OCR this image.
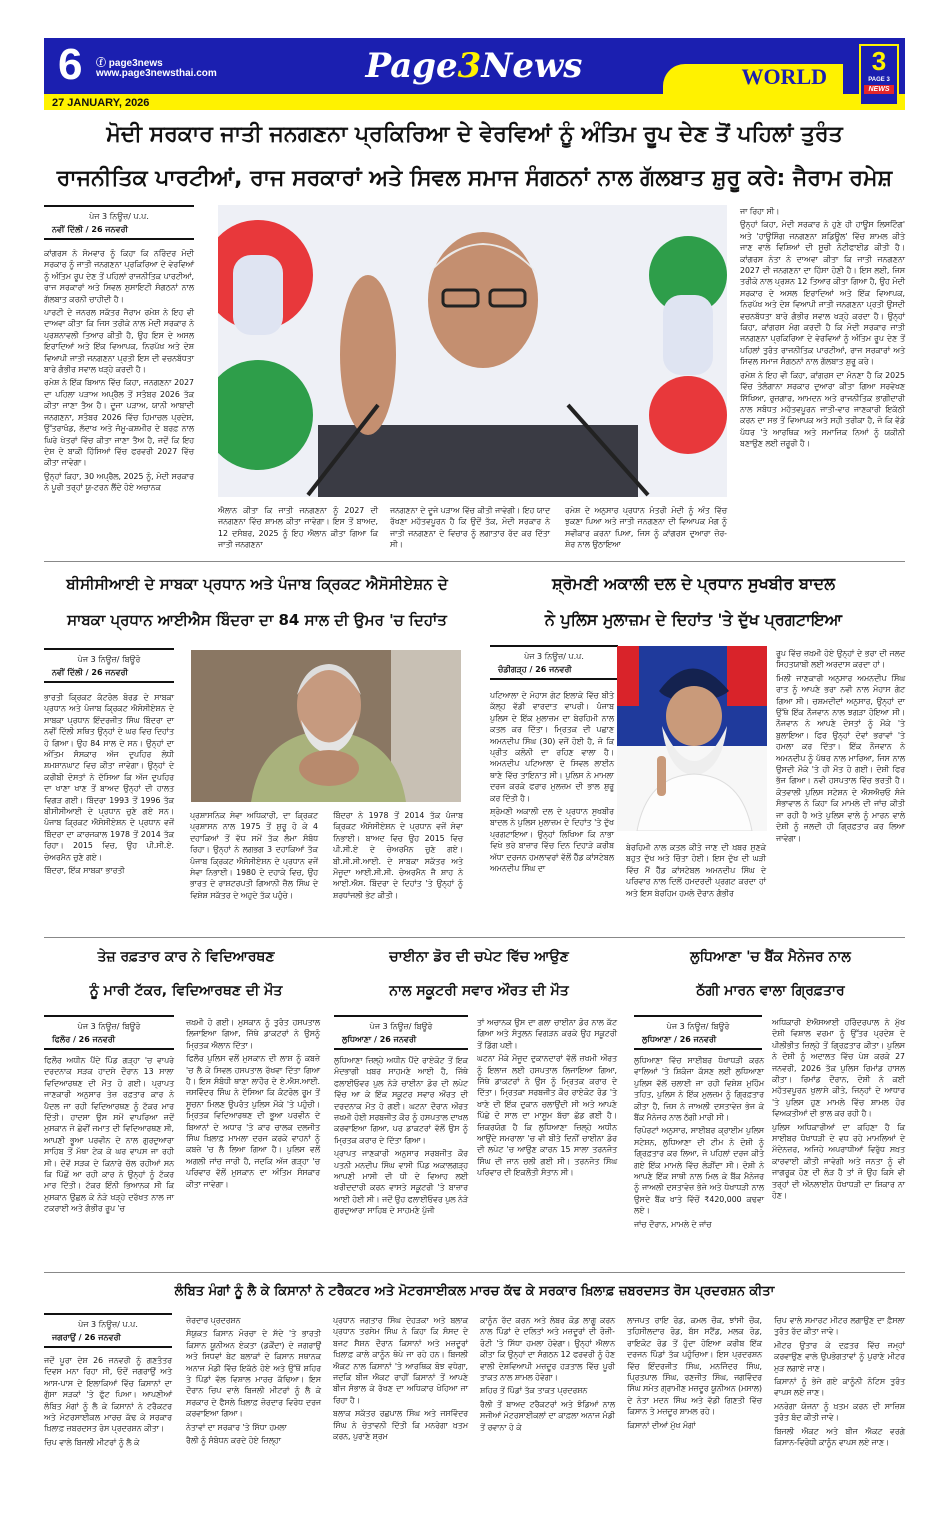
6 ⓕ page3news
www.page3newsthai.com
27 JANUARY, 2026
Page3News	WORLD
3
PAGE 3
NEWS
ਮੋਦੀ ਸਰਕਾਰ ਜਾਤੀ ਜਨਗਣਨਾ ਪ੍ਰਕਿਰਿਆ ਦੇ ਵੇਰਵਿਆਂ ਨੂੰ ਅੰਤਿਮ ਰੂਪ ਦੇਣ ਤੋਂ ਪਹਿਲਾਂ ਤੁਰੰਤ
ਰਾਜਨੀਤਿਕ ਪਾਰਟੀਆਂ, ਰਾਜ ਸਰਕਾਰਾਂ ਅਤੇ ਸਿਵਲ ਸਮਾਜ ਸੰਗਠਨਾਂ ਨਾਲ ਗੱਲਬਾਤ ਸ਼ੁਰੂ ਕਰੇ: ਜੈਰਾਮ ਰਮੇਸ਼
ਪੇਜ 3 ਨਿਊਜ਼/ ਪ.ਪ.
ਨਵੀਂ ਦਿੱਲੀ / 26 ਜਨਵਰੀ

ਕਾਂਗਰਸ ਨੇ ਸੋਮਵਾਰ ਨੂੰ ਕਿਹਾ ਕਿ ਨਰਿੰਦਰ ਮੋਦੀ ਸਰਕਾਰ ਨੂੰ ਜਾਤੀ ਜਨਗਣਨਾ ਪ੍ਰਕਿਰਿਆ ਦੇ ਵੇਰਵਿਆਂ ਨੂੰ ਅੰਤਿਮ ਰੂਪ ਦੇਣ ਤੋਂ ਪਹਿਲਾਂ ਰਾਜਨੀਤਿਕ ਪਾਰਟੀਆਂ, ਰਾਜ ਸਰਕਾਰਾਂ ਅਤੇ ਸਿਵਲ ਸੁਸਾਇਟੀ ਸੰਗਠਨਾਂ ਨਾਲ ਗੱਲਬਾਤ ਕਰਨੀ ਚਾਹੀਦੀ ਹੈ।

ਪਾਰਟੀ ਦੇ ਜਨਰਲ ਸਕੱਤਰ ਜੈਰਾਮ ਰਮੇਸ਼ ਨੇ ਇਹ ਵੀ ਦਾਅਵਾ ਕੀਤਾ ਕਿ ਜਿਸ ਤਰੀਕੇ ਨਾਲ ਮੋਦੀ ਸਰਕਾਰ ਨੇ ਪ੍ਰਸ਼ਨਾਵਲੀ ਤਿਆਰ ਕੀਤੀ ਹੈ, ਉਹ ਇਸ ਦੇ ਅਸਲ ਇਰਾਦਿਆਂ ਅਤੇ ਇੱਕ ਵਿਆਪਕ, ਨਿਰਪੱਖ ਅਤੇ ਦੇਸ਼ ਵਿਆਪੀ ਜਾਤੀ ਜਨਗਣਨਾ ਪ੍ਰਤੀ ਇਸ ਦੀ ਵਚਨਬੱਧਤਾ ਬਾਰੇ ਗੰਭੀਰ ਸਵਾਲ ਖੜ੍ਹੇ ਕਰਦੀ ਹੈ।

ਰਮੇਸ਼ ਨੇ ਇੱਕ ਬਿਆਨ ਵਿੱਚ ਕਿਹਾ, ਜਨਗਣਨਾ 2027 ਦਾ ਪਹਿਲਾ ਪੜਾਅ ਅਪ੍ਰੈਲ ਤੋਂ ਸਤੰਬਰ 2026 ਤੱਕ ਕੀਤਾ ਜਾਣਾ ਤੈਅ ਹੈ। ਦੂਜਾ ਪੜਾਅ, ਯਾਨੀ ਆਬਾਦੀ ਜਨਗਣਨਾ, ਸਤੰਬਰ 2026 ਵਿੱਚ ਹਿਮਾਚਲ ਪ੍ਰਦੇਸ਼, ਉੱਤਰਾਖੰਡ, ਲੱਦਾਖ ਅਤੇ ਜੰਮੂ-ਕਸ਼ਮੀਰ ਦੇ ਬਰਫ਼ ਨਾਲ ਘਿਰੇ ਖੇਤਰਾਂ ਵਿੱਚ ਕੀਤਾ ਜਾਣਾ ਤੈਅ ਹੈ, ਜਦੋਂ ਕਿ ਇਹ ਦੇਸ਼ ਦੇ ਬਾਕੀ ਹਿੱਸਿਆਂ ਵਿੱਚ ਫਰਵਰੀ 2027 ਵਿੱਚ ਕੀਤਾ ਜਾਵੇਗਾ।

ਉਨ੍ਹਾਂ ਕਿਹਾ, 30 ਅਪ੍ਰੈਲ, 2025 ਨੂੰ, ਮੋਦੀ ਸਰਕਾਰ ਨੇ ਪੂਰੀ ਤਰ੍ਹਾਂ ਯੂ-ਟਰਨ ਲੈਂਦੇ ਹੋਏ ਅਚਾਨਕ

ਐਲਾਨ ਕੀਤਾ ਕਿ ਜਾਤੀ ਜਨਗਣਨਾ ਨੂੰ 2027 ਦੀ ਜਨਗਣਨਾ ਵਿੱਚ ਸ਼ਾਮਲ ਕੀਤਾ ਜਾਵੇਗਾ। ਇਸ ਤੋਂ ਬਾਅਦ, 12 ਦਸੰਬਰ, 2025 ਨੂੰ ਇਹ ਐਲਾਨ ਕੀਤਾ ਗਿਆ ਕਿ ਜਾਤੀ ਜਨਗਣਨਾ

ਜਨਗਣਨਾ ਦੇ ਦੂਜੇ ਪੜਾਅ ਵਿੱਚ ਕੀਤੀ ਜਾਵੇਗੀ। ਇਹ ਯਾਦ ਰੱਖਣਾ ਮਹੱਤਵਪੂਰਨ ਹੈ ਕਿ ਉਦੋਂ ਤੱਕ, ਮੋਦੀ ਸਰਕਾਰ ਨੇ ਜਾਤੀ ਜਨਗਣਨਾ ਦੇ ਵਿਚਾਰ ਨੂੰ ਲਗਾਤਾਰ ਰੱਦ ਕਰ ਦਿੱਤਾ ਸੀ।

ਰਮੇਸ਼ ਦੇ ਅਨੁਸਾਰ ਪ੍ਰਧਾਨ ਮੰਤਰੀ ਮੋਦੀ ਨੂੰ ਅੰਤ ਵਿੱਚ ਝੁਕਣਾ ਪਿਆ ਅਤੇ ਜਾਤੀ ਜਨਗਣਨਾ ਦੀ ਵਿਆਪਕ ਮੰਗ ਨੂੰ ਸਵੀਕਾਰ ਕਰਨਾ ਪਿਆ, ਜਿਸ ਨੂੰ ਕਾਂਗਰਸ ਦੁਆਰਾ ਜ਼ੋਰ-ਸ਼ੋਰ ਨਾਲ ਉਠਾਇਆ

ਜਾ ਰਿਹਾ ਸੀ।

ਉਨ੍ਹਾਂ ਕਿਹਾ, ਮੋਦੀ ਸਰਕਾਰ ਨੇ ਹੁਣੇ ਹੀ ਹਾਊਸ ਲਿਸਟਿੰਗ' ਅਤੇ 'ਹਾਊਸਿੰਗ ਜਨਗਣਨਾ ਸ਼ਡਿਊਲ' ਵਿੱਚ ਸ਼ਾਮਲ ਕੀਤੇ ਜਾਣ ਵਾਲੇ ਵਿਸ਼ਿਆਂ ਦੀ ਸੂਚੀ ਨੋਟੀਫਾਈਡ ਕੀਤੀ ਹੈ। ਕਾਂਗਰਸ ਨੇਤਾ ਨੇ ਦਾਅਵਾ ਕੀਤਾ ਕਿ ਜਾਤੀ ਜਨਗਣਨਾ 2027 ਦੀ ਜਨਗਣਨਾ ਦਾ ਹਿੱਸਾ ਹੋਣੀ ਹੈ। ਇਸ ਲਈ, ਜਿਸ ਤਰੀਕੇ ਨਾਲ ਪ੍ਰਸ਼ਨ 12 ਤਿਆਰ ਕੀਤਾ ਗਿਆ ਹੈ, ਉਹ ਮੋਦੀ ਸਰਕਾਰ ਦੇ ਅਸਲ ਇਰਾਦਿਆਂ ਅਤੇ ਇੱਕ ਵਿਆਪਕ, ਨਿਰਪੱਖ ਅਤੇ ਦੇਸ਼ ਵਿਆਪੀ ਜਾਤੀ ਜਨਗਣਨਾ ਪ੍ਰਤੀ ਉਸਦੀ ਵਚਨਬੱਧਤਾ ਬਾਰੇ ਗੰਭੀਰ ਸਵਾਲ ਖੜ੍ਹੇ ਕਰਦਾ ਹੈ। ਉਨ੍ਹਾਂ ਕਿਹਾ, ਕਾਂਗਰਸ ਮੰਗ ਕਰਦੀ ਹੈ ਕਿ ਮੋਦੀ ਸਰਕਾਰ ਜਾਤੀ ਜਨਗਣਨਾ ਪ੍ਰਕਿਰਿਆ ਦੇ ਵੇਰਵਿਆਂ ਨੂੰ ਅੰਤਿਮ ਰੂਪ ਦੇਣ ਤੋਂ ਪਹਿਲਾਂ ਤੁਰੰਤ ਰਾਜਨੀਤਿਕ ਪਾਰਟੀਆਂ, ਰਾਜ ਸਰਕਾਰਾਂ ਅਤੇ ਸਿਵਲ ਸਮਾਜ ਸੰਗਠਨਾਂ ਨਾਲ ਗੱਲਬਾਤ ਸ਼ੁਰੂ ਕਰੇ।

ਰਮੇਸ਼ ਨੇ ਇਹ ਵੀ ਕਿਹਾ, ਕਾਂਗਰਸ ਦਾ ਮੰਨਣਾ ਹੈ ਕਿ 2025 ਵਿੱਚ ਤੇਲੰਗਾਨਾ ਸਰਕਾਰ ਦੁਆਰਾ ਕੀਤਾ ਗਿਆ ਸਰਵੇਖਣ ਸਿੱਖਿਆ, ਰੁਜ਼ਗਾਰ, ਆਮਦਨ ਅਤੇ ਰਾਜਨੀਤਿਕ ਭਾਗੀਦਾਰੀ ਨਾਲ ਸਬੰਧਤ ਮਹੱਤਵਪੂਰਨ ਜਾਤੀ-ਵਾਰ ਜਾਣਕਾਰੀ ਇਕੱਠੀ ਕਰਨ ਦਾ ਸਭ ਤੋਂ ਵਿਆਪਕ ਅਤੇ ਸਹੀ ਤਰੀਕਾ ਹੈ, ਜੋ ਕਿ ਵੱਡੇ ਪੱਧਰ 'ਤੇ ਆਰਥਿਕ ਅਤੇ ਸਮਾਜਿਕ ਨਿਆਂ ਨੂੰ ਯਕੀਨੀ ਬਣਾਉਣ ਲਈ ਜ਼ਰੂਰੀ ਹੈ।

ਬੀਸੀਸੀਆਈ ਦੇ ਸਾਬਕਾ ਪ੍ਰਧਾਨ ਅਤੇ ਪੰਜਾਬ ਕ੍ਰਿਕਟ ਐਸੋਸੀਏਸ਼ਨ ਦੇ
ਸਾਬਕਾ ਪ੍ਰਧਾਨ ਆਈਐਸ ਬਿੰਦਰਾ ਦਾ 84 ਸਾਲ ਦੀ ਉਮਰ 'ਚ ਦਿਹਾਂਤ
ਪੇਜ 3 ਨਿਊਜ਼/ ਬਿਊਰੋ
ਨਵੀਂ ਦਿੱਲੀ / 26 ਜਨਵਰੀ

ਭਾਰਤੀ ਕ੍ਰਿਕਟ ਕੰਟਰੋਲ ਬੋਰਡ ਦੇ ਸਾਬਕਾ ਪ੍ਰਧਾਨ ਅਤੇ ਪੰਜਾਬ ਕ੍ਰਿਕਟ ਐਸੋਸੀਏਸ਼ਨ ਦੇ ਸਾਬਕਾ ਪ੍ਰਧਾਨ ਇੰਦਰਜੀਤ ਸਿੰਘ ਬਿੰਦਰਾ ਦਾ ਨਵੀਂ ਦਿੱਲੀ ਸਥਿਤ ਉਨ੍ਹਾਂ ਦੇ ਘਰ ਵਿਚ ਦਿਹਾਂਤ ਹੋ ਗਿਆ। ਉਹ 84 ਸਾਲ ਦੇ ਸਨ। ਉਨ੍ਹਾਂ ਦਾ ਅੰਤਿਮ ਸੰਸਕਾਰ ਅੱਜ ਦੁਪਹਿਰ ਲੋਧੀ ਸ਼ਮਸ਼ਾਨਘਾਟ ਵਿਚ ਕੀਤਾ ਜਾਵੇਗਾ। ਉਨ੍ਹਾਂ ਦੇ ਕਰੀਬੀ ਦੋਸਤਾਂ ਨੇ ਦੱਸਿਆ ਕਿ ਅੱਜ ਦੁਪਹਿਰ ਦਾ ਖਾਣਾ ਖਾਣ ਤੋਂ ਬਾਅਦ ਉਨ੍ਹਾਂ ਦੀ ਹਾਲਤ ਵਿਗੜ ਗਈ। ਬਿੰਦਰਾ 1993 ਤੋਂ 1996 ਤੱਕ ਬੀਸੀਸੀਆਈ ਦੇ ਪ੍ਰਧਾਨ ਚੁਣੇ ਗਏ ਸਨ। ਪੰਜਾਬ ਕ੍ਰਿਕਟ ਐਸੋਸੀਏਸ਼ਨ ਦੇ ਪ੍ਰਧਾਨ ਵਜੋਂ ਬਿੰਦਰਾ ਦਾ ਕਾਰਜਕਾਲ 1978 ਤੋਂ 2014 ਤੱਕ ਰਿਹਾ। 2015 ਵਿਚ, ਉਹ ਪੀ.ਸੀ.ਏ. ਚੇਅਰਮੈਨ ਚੁਣੇ ਗਏ।

ਬਿੰਦਰਾ, ਇੱਕ ਸਾਬਕਾ ਭਾਰਤੀ

ਪ੍ਰਸ਼ਾਸਨਿਕ ਸੇਵਾ ਅਧਿਕਾਰੀ, ਦਾ ਕ੍ਰਿਕਟ ਪ੍ਰਸ਼ਾਸਨ ਨਾਲ 1975 ਤੋਂ ਸ਼ੁਰੂ ਹੋ ਕੇ 4 ਦਹਾਕਿਆਂ ਤੋਂ ਵੱਧ ਸਮੇਂ ਤੱਕ ਲੰਮਾ ਸੰਬੰਧ ਰਿਹਾ। ਉਨ੍ਹਾਂ ਨੇ ਲਗਭਗ 3 ਦਹਾਕਿਆਂ ਤੱਕ ਪੰਜਾਬ ਕ੍ਰਿਕਟ ਐਸੋਸੀਏਸ਼ਨ ਦੇ ਪ੍ਰਧਾਨ ਵਜੋਂ ਸੇਵਾ ਨਿਭਾਈ। 1980 ਦੇ ਦਹਾਕੇ ਵਿਚ, ਉਹ ਭਾਰਤ ਦੇ ਰਾਸ਼ਟਰਪਤੀ ਗਿਆਨੀ ਜ਼ੈਲ ਸਿੰਘ ਦੇ ਵਿਸ਼ੇਸ਼ ਸਕੱਤਰ ਦੇ ਅਹੁਦੇ ਤੱਕ ਪਹੁੰਚੇ।

ਬਿੰਦਰਾ ਨੇ 1978 ਤੋਂ 2014 ਤੱਕ ਪੰਜਾਬ ਕ੍ਰਿਕਟ ਐਸੋਸੀਏਸ਼ਨ ਦੇ ਪ੍ਰਧਾਨ ਵਜੋਂ ਸੇਵਾ ਨਿਭਾਈ। ਬਾਅਦ ਵਿਚ ਉਹ 2015 ਵਿਚ ਪੀ.ਸੀ.ਏ ਦੇ ਚੇਅਰਮੈਨ ਚੁਣੇ ਗਏ। ਬੀ.ਸੀ.ਸੀ.ਆਈ. ਦੇ ਸਾਬਕਾ ਸਕੱਤਰ ਅਤੇ ਮੌਜੂਦਾ ਆਈ.ਸੀ.ਸੀ. ਚੇਅਰਮੈਨ ਜੈ ਸ਼ਾਹ ਨੇ ਆਈ.ਐਸ. ਬਿੰਦਰਾ ਦੇ ਦਿਹਾਂਤ 'ਤੇ ਉਨ੍ਹਾਂ ਨੂੰ ਸ਼ਰਧਾਂਜਲੀ ਭੇਟ ਕੀਤੀ।

ਸ਼੍ਰੋਮਣੀ ਅਕਾਲੀ ਦਲ ਦੇ ਪ੍ਰਧਾਨ ਸੁਖਬੀਰ ਬਾਦਲ
ਨੇ ਪੁਲਿਸ ਮੁਲਾਜ਼ਮ ਦੇ ਦਿਹਾਂਤ 'ਤੇ ਦੁੱਖ ਪ੍ਰਗਟਾਇਆ
ਪੇਜ 3 ਨਿਊਜ਼/ ਪ.ਪ.
ਚੰਡੀਗੜ੍ਹ / 26 ਜਨਵਰੀ

ਪਟਿਆਲਾ ਦੇ ਮੋਹਾਸ ਗੇਟ ਇਲਾਕੇ ਵਿੱਚ ਬੀਤੇ ਕੱਲ੍ਹ ਵੱਡੀ ਵਾਰਦਾਤ ਵਾਪਰੀ। ਪੰਜਾਬ ਪੁਲਿਸ ਦੇ ਇੱਕ ਮੁਲਾਜ਼ਮ ਦਾ ਬੇਰਹਿਮੀ ਨਾਲ ਕਤਲ ਕਰ ਦਿੱਤਾ। ਮ੍ਰਿਤਕ ਦੀ ਪਛਾਣ ਅਮਨਦੀਪ ਸਿੰਘ (30) ਵਜੋਂ ਹੋਈ ਹੈ, ਜੋ ਕਿ ਪ੍ਰੀਤ ਕਲੋਨੀ ਦਾ ਰਹਿਣ ਵਾਲਾ ਹੈ। ਅਮਨਦੀਪ ਪਟਿਆਲਾ ਦੇ ਸਿਵਲ ਲਾਈਨ ਥਾਣੇ ਵਿੱਚ ਤਾਇਨਾਤ ਸੀ। ਪੁਲਿਸ ਨੇ ਮਾਮਲਾ ਦਰਜ ਕਰਕੇ ਫਰਾਰ ਮੁਲਜ਼ਮ ਦੀ ਭਾਲ ਸ਼ੁਰੂ ਕਰ ਦਿੱਤੀ ਹੈ।

ਸ਼੍ਰੋਮਣੀ ਅਕਾਲੀ ਦਲ ਦੇ ਪ੍ਰਧਾਨ ਸੁਖਬੀਰ ਬਾਦਲ ਨੇ ਪੁਲਿਸ ਮੁਲਾਜ਼ਮ ਦੇ ਦਿਹਾਂਤ 'ਤੇ ਦੁੱਖ ਪ੍ਰਗਟਾਇਆ। ਉਨ੍ਹਾਂ ਲਿਖਿਆ ਕਿ ਨਾਭਾ ਵਿਖੇ ਭਰੇ ਬਾਜ਼ਾਰ ਵਿੱਚ ਦਿਨ ਦਿਹਾੜੇ ਕਰੀਬ ਅੱਧਾ ਦਰਜਨ ਹਮਲਾਵਰਾਂ ਵੱਲੋਂ ਹੈੱਡ ਕਾਂਸਟੇਬਲ ਅਮਨਦੀਪ ਸਿੰਘ ਦਾ

ਬੇਰਹਿਮੀ ਨਾਲ ਕਤਲ ਕੀਤੇ ਜਾਣ ਦੀ ਖ਼ਬਰ ਸੁਣਕੇ ਬਹੁਤ ਦੁੱਖ ਅਤੇ ਚਿੰਤਾ ਹੋਈ। ਇਸ ਦੁੱਖ ਦੀ ਘੜੀ ਵਿੱਚ ਮੈਂ ਹੈੱਡ ਕਾਂਸਟੇਬਲ ਅਮਨਦੀਪ ਸਿੰਘ ਦੇ ਪਰਿਵਾਰ ਨਾਲ ਦਿਲੋਂ ਹਮਦਰਦੀ ਪ੍ਰਗਟ ਕਰਦਾ ਹਾਂ ਅਤੇ ਇਸ ਬੇਰਹਿਮ ਹਮਲੇ ਦੌਰਾਨ ਗੰਭੀਰ

ਰੂਪ ਵਿੱਚ ਜ਼ਖ਼ਮੀ ਹੋਏ ਉਨ੍ਹਾਂ ਦੇ ਭਰਾ ਦੀ ਜਲਦ ਸਿਹਤਯਾਬੀ ਲਈ ਅਰਦਾਸ ਕਰਦਾ ਹਾਂ।

ਮਿਲੀ ਜਾਣਕਾਰੀ ਅਨੁਸਾਰ ਅਮਨਦੀਪ ਸਿੰਘ ਰਾਤ ਨੂੰ ਆਪਣੇ ਭਰਾ ਨਵੀ ਨਾਲ ਮੋਹਾਸ ਗੇਟ ਗਿਆ ਸੀ। ਚਸ਼ਮਦੀਦਾਂ ਅਨੁਸਾਰ, ਉਨ੍ਹਾਂ ਦਾ ਉੱਥੇ ਇੱਕ ਨੌਜਵਾਨ ਨਾਲ ਝਗੜਾ ਹੋਇਆ ਸੀ। ਨੌਜਵਾਨ ਨੇ ਆਪਣੇ ਦੋਸਤਾਂ ਨੂੰ ਮੌਕੇ 'ਤੇ ਬੁਲਾਇਆ। ਫਿਰ ਉਨ੍ਹਾਂ ਦੋਵਾਂ ਭਰਾਵਾਂ 'ਤੇ ਹਮਲਾ ਕਰ ਦਿੱਤਾ। ਇੱਕ ਨੌਜਵਾਨ ਨੇ ਅਮਨਦੀਪ ਨੂੰ ਪੱਥਰ ਨਾਲ ਮਾਰਿਆ, ਜਿਸ ਨਾਲ ਉਸਦੀ ਮੌਕੇ 'ਤੇ ਹੀ ਮੌਤ ਹੋ ਗਈ। ਦੋਸ਼ੀ ਫਿਰ ਭੱਜ ਗਿਆ। ਨਵੀ ਹਸਪਤਾਲ ਵਿੱਚ ਭਰਤੀ ਹੈ। ਕੋਤਵਾਲੀ ਪੁਲਿਸ ਸਟੇਸ਼ਨ ਦੇ ਐਸਐਚਓ ਸੰਜੇ ਸੰਭਾਵਾਲ ਨੇ ਕਿਹਾ ਕਿ ਮਾਮਲੇ ਦੀ ਜਾਂਚ ਕੀਤੀ ਜਾ ਰਹੀ ਹੈ ਅਤੇ ਪੁਲਿਸ ਵਾਲੇ ਨੂੰ ਮਾਰਨ ਵਾਲੇ ਦੋਸ਼ੀ ਨੂੰ ਜਲਦੀ ਹੀ ਗ੍ਰਿਫ਼ਤਾਰ ਕਰ ਲਿਆ ਜਾਵੇਗਾ।

ਤੇਜ਼ ਰਫ਼ਤਾਰ ਕਾਰ ਨੇ ਵਿਦਿਆਰਥਣ
ਨੂੰ ਮਾਰੀ ਟੱਕਰ, ਵਿਦਿਆਰਥਣ ਦੀ ਮੌਤ
ਪੇਜ 3 ਨਿਊਜ਼/ ਬਿਊਰੋ
ਫਿਲੌਰ / 26 ਜਨਵਰੀ

ਫਿਲੌਰ ਅਧੀਨ ਪੈਂਦੇ ਪਿੰਡ ਗੜ੍ਹਾ 'ਚ ਵਾਪਰੇ ਦਰਦਨਾਕ ਸੜਕ ਹਾਦਸੇ ਦੌਰਾਨ 13 ਸਾਲਾ ਵਿਦਿਆਰਥਣ ਦੀ ਮੌਤ ਹੋ ਗਈ। ਪ੍ਰਾਪਤ ਜਾਣਕਾਰੀ ਅਨੁਸਾਰ ਤੇਜ਼ ਰਫ਼ਤਾਰ ਕਾਰ ਨੇ ਪੈਦਲ ਜਾ ਰਹੀ ਵਿਦਿਆਰਥਣ ਨੂੰ ਟੱਕਰ ਮਾਰ ਦਿੱਤੀ। ਹਾਦਸਾ ਉਸ ਸਮੇਂ ਵਾਪਰਿਆ ਜਦੋਂ ਮੁਸਕਾਨ ਜੋ ਛੇਵੀਂ ਜਮਾਤ ਦੀ ਵਿਦਿਆਰਥਣ ਸੀ, ਆਪਣੀ ਭੂਆ ਪਰਵੀਨ ਦੇ ਨਾਲ ਗੁਰਦੁਆਰਾ ਸਾਹਿਬ ਤੋਂ ਮੱਥਾ ਟੇਕ ਕੇ ਘਰ ਵਾਪਸ ਜਾ ਰਹੀ ਸੀ। ਦੋਵੇਂ ਸੜਕ ਦੇ ਕਿਨਾਰੇ ਚੱਲ ਰਹੀਆਂ ਸਨ ਕਿ ਪਿੱਛੋਂ ਆ ਰਹੀ ਕਾਰ ਨੇ ਉਨ੍ਹਾਂ ਨੂੰ ਟੱਕਰ ਮਾਰ ਦਿੱਤੀ। ਟੱਕਰ ਇੰਨੀ ਭਿਆਨਕ ਸੀ ਕਿ ਮੁਸਕਾਨ ਉਛਲ ਕੇ ਨੇੜੇ ਖੜ੍ਹੇ ਦਰੱਖਤ ਨਾਲ ਜਾ ਟਕਰਾਈ ਅਤੇ ਗੰਭੀਰ ਰੂਪ 'ਚ

ਜ਼ਖ਼ਮੀ ਹੋ ਗਈ। ਮੁਸਕਾਨ ਨੂੰ ਤੁਰੰਤ ਹਸਪਤਾਲ ਲਿਜਾਇਆ ਗਿਆ, ਜਿੱਥੇ ਡਾਕਟਰਾਂ ਨੇ ਉਸਨੂੰ ਮ੍ਰਿਤਕ ਐਲਾਨ ਦਿੱਤਾ।

ਫਿਲੌਰ ਪੁਲਿਸ ਵਲੋਂ ਮੁਸਕਾਨ ਦੀ ਲਾਸ਼ ਨੂੰ ਕਬਜ਼ੇ 'ਚ ਲੈ ਕੇ ਸਿਵਲ ਹਸਪਤਾਲ ਰੱਖਵਾ ਦਿੱਤਾ ਗਿਆ ਹੈ। ਇਸ ਸੰਬੰਧੀ ਥਾਣਾ ਲਾਹੌਰ ਦੇ ਏ.ਐਸ.ਆਈ. ਜਸਵਿੰਦਰ ਸਿੰਘ ਨੇ ਦੱਸਿਆ ਕਿ ਕੰਟਰੋਲ ਰੂਮ ਤੋਂ ਸੂਚਨਾ ਮਿਲਣ ਉਪਰੰਤ ਪੁਲਿਸ ਮੌਕੇ 'ਤੇ ਪਹੁੰਚੀ। ਮ੍ਰਿਤਕ ਵਿਦਿਆਰਥਣ ਦੀ ਭੂਆ ਪਰਵੀਨ ਦੇ ਬਿਆਨਾਂ ਦੇ ਅਧਾਰ 'ਤੇ ਕਾਰ ਚਾਲਕ ਦਲਜੀਤ ਸਿੰਘ ਖ਼ਿਲਾਫ਼ ਮਾਮਲਾ ਦਰਜ ਕਰਕੇ ਵਾਹਨਾਂ ਨੂੰ ਕਬਜ਼ੇ 'ਚ ਲੈ ਲਿਆ ਗਿਆ ਹੈ। ਪੁਲਿਸ ਵਲੋਂ ਅਗਲੀ ਜਾਂਚ ਜਾਰੀ ਹੈ, ਜਦਕਿ ਅੱਜ ਗੜ੍ਹਾ 'ਚ ਪਰਿਵਾਰ ਵੱਲੋਂ ਮੁਸਕਾਨ ਦਾ ਅੰਤਿਮ ਸੰਸਕਾਰ ਕੀਤਾ ਜਾਵੇਗਾ।

ਚਾਈਨਾ ਡੋਰ ਦੀ ਚਪੇਟ ਵਿੱਚ ਆਉਣ
ਨਾਲ ਸਕੂਟਰੀ ਸਵਾਰ ਔਰਤ ਦੀ ਮੌਤ
ਪੇਜ 3 ਨਿਊਜ਼/ ਬਿਊਰੋ
ਲੁਧਿਆਣਾ / 26 ਜਨਵਰੀ

ਲੁਧਿਆਣਾ ਜ਼ਿਲ੍ਹੇ ਅਧੀਨ ਪੈਂਦੇ ਰਾਏਕੋਟ ਤੋਂ ਇਕ ਮੰਦਭਾਗੀ ਖ਼ਬਰ ਸਾਹਮਣੇ ਆਈ ਹੈ, ਜਿੱਥੇ ਫਲਾਈਓਵਰ ਪੁਲ ਨੇੜੇ ਚਾਈਨਾ ਡੋਰ ਦੀ ਲਪੇਟ ਵਿੱਚ ਆ ਕੇ ਇੱਕ ਸਕੂਟਰ ਸਵਾਰ ਔਰਤ ਦੀ ਦਰਦਨਾਕ ਮੌਤ ਹੋ ਗਈ। ਘਟਨਾ ਦੌਰਾਨ ਔਰਤ ਜ਼ਖਮੀ ਹੋਈ ਸਰਬਜੀਤ ਕੌਰ ਨੂੰ ਹਸਪਤਾਲ ਦਾਖਲ ਕਰਵਾਇਆ ਗਿਆ, ਪਰ ਡਾਕਟਰਾਂ ਵੱਲੋਂ ਉਸ ਨੂੰ ਮ੍ਰਿਤਕ ਕਰਾਰ ਦੇ ਦਿੱਤਾ ਗਿਆ।

ਪ੍ਰਾਪਤ ਜਾਣਕਾਰੀ ਅਨੁਸਾਰ ਸਰਬਜੀਤ ਕੌਰ ਪਤਨੀ ਮਨਦੀਪ ਸਿੰਘ ਵਾਸੀ ਪਿੰਡ ਅਕਾਲਗੜ੍ਹ ਆਪਣੀ ਮਾਸੀ ਦੀ ਧੀ ਦੇ ਵਿਆਹ ਲਈ ਖਰੀਦਦਾਰੀ ਕਰਨ ਵਾਸਤੇ ਸਕੂਟਰੀ 'ਤੇ ਬਾਜ਼ਾਰ ਆਈ ਹੋਈ ਸੀ। ਜਦੋਂ ਉਹ ਫਲਾਈਓਵਰ ਪੁਲ ਨੇੜੇ ਗੁਰਦੁਆਰਾ ਸਾਹਿਬ ਦੇ ਸਾਹਮਣੇ ਪੁੱਜੀ

ਤਾਂ ਅਚਾਨਕ ਉਸ ਦਾ ਗਲਾ ਚਾਈਨਾ ਡੋਰ ਨਾਲ ਕੱਟ ਗਿਆ ਅਤੇ ਸੰਤੁਲਨ ਵਿਗੜਨ ਕਰਕੇ ਉਹ ਸਕੂਟਰੀ ਤੋਂ ਡਿੱਗ ਪਈ।

ਘਟਨਾ ਮੌਕੇ ਮੌਜੂਦ ਦੁਕਾਨਦਾਰਾਂ ਵੱਲੋਂ ਜ਼ਖਮੀ ਔਰਤ ਨੂੰ ਇਲਾਜ ਲਈ ਹਸਪਤਾਲ ਲਿਜਾਇਆ ਗਿਆ, ਜਿੱਥੇ ਡਾਕਟਰਾਂ ਨੇ ਉਸ ਨੂੰ ਮ੍ਰਿਤਕ ਕਰਾਰ ਦੇ ਦਿੱਤਾ। ਮ੍ਰਿਤਕਾ ਸਰਬਜੀਤ ਕੌਰ ਰਾਏਕੋਟ ਰੋਡ 'ਤੇ ਖਾਣੇ ਦੀ ਇੱਕ ਦੁਕਾਨ ਚਲਾਉਂਦੀ ਸੀ ਅਤੇ ਆਪਣੇ ਪਿੱਛੇ ਦੋ ਸਾਲ ਦਾ ਮਾਸੂਮ ਬੱਚਾ ਛੱਡ ਗਈ ਹੈ। ਜ਼ਿਕਰਯੋਗ ਹੈ ਕਿ ਲੁਧਿਆਣਾ ਜ਼ਿਲ੍ਹੇ ਅਧੀਨ ਆਉਂਦੇ ਸਮਰਾਲਾ 'ਚ ਵੀ ਬੀਤੇ ਦਿਨੀਂ ਚਾਈਨਾ ਡੋਰ ਦੀ ਲਪੇਟ 'ਚ ਆਉਣ ਕਾਰਨ 15 ਸਾਲਾ ਤਰਨਜੋਤ ਸਿੰਘ ਦੀ ਜਾਨ ਚਲੀ ਗਈ ਸੀ। ਤਰਨਜੋਤ ਸਿੰਘ ਪਰਿਵਾਰ ਦੀ ਇਕਲੌਤੀ ਸੰਤਾਨ ਸੀ।

ਲੁਧਿਆਣਾ 'ਚ ਬੈਂਕ ਮੈਨੇਜਰ ਨਾਲ
ਠੱਗੀ ਮਾਰਨ ਵਾਲਾ ਗ੍ਰਿਫ਼ਤਾਰ
ਪੇਜ 3 ਨਿਊਜ਼/ ਬਿਊਰੋ
ਲੁਧਿਆਣਾ / 26 ਜਨਵਰੀ

ਲੁਧਿਆਣਾ ਵਿੱਚ ਸਾਈਬਰ ਧੋਖਾਧੜੀ ਕਰਨ ਵਾਲਿਆਂ 'ਤੇ ਸ਼ਿਕੰਜਾ ਕੱਸਣ ਲਈ ਲੁਧਿਆਣਾ ਪੁਲਿਸ ਵੱਲੋਂ ਚਲਾਈ ਜਾ ਰਹੀ ਵਿਸ਼ੇਸ਼ ਮੁਹਿੰਮ ਤਹਿਤ, ਪੁਲਿਸ ਨੇ ਇੱਕ ਮੁਲਜ਼ਮ ਨੂੰ ਗ੍ਰਿਫ਼ਤਾਰ ਕੀਤਾ ਹੈ, ਜਿਸ ਨੇ ਜਾਅਲੀ ਦਸਤਾਵੇਜ਼ ਭੇਜ ਕੇ ਬੈਂਕ ਮੈਨੇਜਰ ਨਾਲ ਠੱਗੀ ਮਾਰੀ ਸੀ।

ਰਿਪੋਰਟਾਂ ਅਨੁਸਾਰ, ਸਾਈਬਰ ਕ੍ਰਾਈਮ ਪੁਲਿਸ ਸਟੇਸ਼ਨ, ਲੁਧਿਆਣਾ ਦੀ ਟੀਮ ਨੇ ਦੋਸ਼ੀ ਨੂੰ ਗ੍ਰਿਫ਼ਤਾਰ ਕਰ ਲਿਆ, ਜੋ ਪਹਿਲਾਂ ਦਰਜ ਕੀਤੇ ਗਏ ਇੱਕ ਮਾਮਲੇ ਵਿੱਚ ਲੋੜੀਂਦਾ ਸੀ। ਦੋਸ਼ੀ ਨੇ ਆਪਣੇ ਇੱਕ ਸਾਥੀ ਨਾਲ ਮਿਲ ਕੇ ਬੈਂਕ ਮੈਨੇਜਰ ਨੂੰ ਜਾਅਲੀ ਦਸਤਾਵੇਜ਼ ਭੇਜੇ ਅਤੇ ਧੋਖਾਧੜੀ ਨਾਲ ਉਸਦੇ ਬੈਂਕ ਖਾਤੇ ਵਿੱਚੋਂ ₹420,000 ਕਢਵਾ ਲਏ।

ਜਾਂਚ ਦੌਰਾਨ, ਮਾਮਲੇ ਦੇ ਜਾਂਚ

ਅਧਿਕਾਰੀ ਏਐਸਆਈ ਹਰਿੰਦਰਪਾਲ ਨੇ ਮੁੱਖ ਦੋਸ਼ੀ ਵਿਸ਼ਾਲ ਵਰਮਾ ਨੂੰ ਉੱਤਰ ਪ੍ਰਦੇਸ਼ ਦੇ ਪੀਲੀਭੀਤ ਜ਼ਿਲ੍ਹੇ ਤੋਂ ਗ੍ਰਿਫ਼ਤਾਰ ਕੀਤਾ। ਪੁਲਿਸ ਨੇ ਦੋਸ਼ੀ ਨੂੰ ਅਦਾਲਤ ਵਿੱਚ ਪੇਸ਼ ਕਰਕੇ 27 ਜਨਵਰੀ, 2026 ਤੱਕ ਪੁਲਿਸ ਰਿਮਾਂਡ ਹਾਸਲ ਕੀਤਾ। ਰਿਮਾਂਡ ਦੌਰਾਨ, ਦੋਸ਼ੀ ਨੇ ਕਈ ਮਹੱਤਵਪੂਰਨ ਖੁਲਾਸੇ ਕੀਤੇ, ਜਿਨ੍ਹਾਂ ਦੇ ਆਧਾਰ 'ਤੇ ਪੁਲਿਸ ਹੁਣ ਮਾਮਲੇ ਵਿੱਚ ਸ਼ਾਮਲ ਹੋਰ ਵਿਅਕਤੀਆਂ ਦੀ ਭਾਲ ਕਰ ਰਹੀ ਹੈ।

ਪੁਲਿਸ ਅਧਿਕਾਰੀਆਂ ਦਾ ਕਹਿਣਾ ਹੈ ਕਿ ਸਾਈਬਰ ਧੋਖਾਧੜੀ ਦੇ ਵਧ ਰਹੇ ਮਾਮਲਿਆਂ ਦੇ ਮੱਦੇਨਜ਼ਰ, ਅਜਿਹੇ ਅਪਰਾਧੀਆਂ ਵਿਰੁੱਧ ਸਖ਼ਤ ਕਾਰਵਾਈ ਕੀਤੀ ਜਾਵੇਗੀ ਅਤੇ ਜਨਤਾ ਨੂੰ ਵੀ ਜਾਗਰੂਕ ਹੋਣ ਦੀ ਲੋੜ ਹੈ ਤਾਂ ਜੋ ਉਹ ਕਿਸੇ ਵੀ ਤਰ੍ਹਾਂ ਦੀ ਔਨਲਾਈਨ ਧੋਖਾਧੜੀ ਦਾ ਸ਼ਿਕਾਰ ਨਾ ਹੋਣ।

ਲੰਬਿਤ ਮੰਗਾਂ ਨੂੰ ਲੈ ਕੇ ਕਿਸਾਨਾਂ ਨੇ ਟਰੈਕਟਰ ਅਤੇ ਮੋਟਰਸਾਈਕਲ ਮਾਰਚ ਕੱਢ ਕੇ ਸਰਕਾਰ ਖ਼ਿਲਾਫ਼ ਜ਼ਬਰਦਸਤ ਰੋਸ ਪ੍ਰਦਰਸ਼ਨ ਕੀਤਾ
ਪੇਜ 3 ਨਿਊਜ਼/ ਪ.ਪ.
ਜਗਰਾਉਂ / 26 ਜਨਵਰੀ

ਜਦੋਂ ਪੂਰਾ ਦੇਸ਼ 26 ਜਨਵਰੀ ਨੂੰ ਗਣਤੰਤਰ ਦਿਵਸ ਮਨਾ ਰਿਹਾ ਸੀ, ਓਦੋਂ ਜਗਰਾਉਂ ਅਤੇ ਆਸ-ਪਾਸ ਦੇ ਇਲਾਕਿਆਂ ਵਿੱਚ ਕਿਸਾਨਾਂ ਦਾ ਗੁੱਸਾ ਸੜਕਾਂ 'ਤੇ ਫੁੱਟ ਪਿਆ। ਆਪਣੀਆਂ ਲੰਬਿਤ ਮੰਗਾਂ ਨੂੰ ਲੈ ਕੇ ਕਿਸਾਨਾਂ ਨੇ ਟਰੈਕਟਰ ਅਤੇ ਮੋਟਰਸਾਈਕਲ ਮਾਰਚ ਕੱਢ ਕੇ ਸਰਕਾਰ ਖ਼ਿਲਾਫ਼ ਜ਼ਬਰਦਸਤ ਰੋਸ ਪ੍ਰਦਰਸ਼ਨ ਕੀਤਾ।

ਚਿਪ ਵਾਲੇ ਬਿਜਲੀ ਮੀਟਰਾਂ ਨੂੰ ਲੈ ਕੇ

ਜ਼ੋਰਦਾਰ ਪ੍ਰਦਰਸ਼ਨ

ਸੰਯੁਕਤ ਕਿਸਾਨ ਮੋਰਚਾ ਦੇ ਸੱਦੇ 'ਤੇ ਭਾਰਤੀ ਕਿਸਾਨ ਯੂਨੀਅਨ ਏਕਤਾ (ਡਕੌਂਦਾ) ਦੇ ਜਗਰਾਉਂ ਅਤੇ ਸਿਧਵਾਂ ਬੇਟ ਬਲਾਕਾਂ ਦੇ ਕਿਸਾਨ ਸਥਾਨਕ ਅਨਾਜ ਮੰਡੀ ਵਿੱਚ ਇਕੱਠੇ ਹੋਏ ਅਤੇ ਉੱਥੋਂ ਸ਼ਹਿਰ ਤੇ ਪਿੰਡਾਂ ਵੱਲ ਵਿਸ਼ਾਲ ਮਾਰਚ ਕੱਢਿਆ। ਇਸ ਦੌਰਾਨ ਚਿਪ ਵਾਲੇ ਬਿਜਲੀ ਮੀਟਰਾਂ ਨੂੰ ਲੈ ਕੇ ਸਰਕਾਰ ਦੇ ਫੈਸਲੇ ਖ਼ਿਲਾਫ਼ ਜ਼ੋਰਦਾਰ ਵਿਰੋਧ ਦਰਜ ਕਰਵਾਇਆ ਗਿਆ।

ਨੇਤਾਵਾਂ ਦਾ ਸਰਕਾਰ 'ਤੇ ਸਿੱਧਾ ਹਮਲਾ

ਰੈਲੀ ਨੂੰ ਸੰਬੋਧਨ ਕਰਦੇ ਹੋਏ ਜ਼ਿਲ੍ਹਾ

ਪ੍ਰਧਾਨ ਜਗਤਾਰ ਸਿੰਘ ਦੇਹੜਕਾ ਅਤੇ ਬਲਾਕ ਪ੍ਰਧਾਨ ਤਰਸੇਮ ਸਿੰਘ ਨੇ ਕਿਹਾ ਕਿ ਸੰਸਦ ਦੇ ਬਜਟ ਸੈਸ਼ਨ ਦੌਰਾਨ ਕਿਸਾਨਾਂ ਅਤੇ ਮਜ਼ਦੂਰਾਂ ਖ਼ਿਲਾਫ਼ ਕਾਲੇ ਕਾਨੂੰਨ ਥੋਪੇ ਜਾ ਰਹੇ ਹਨ। ਬਿਜਲੀ ਐਕਟ ਨਾਲ ਕਿਸਾਨਾਂ 'ਤੇ ਆਰਥਿਕ ਬੋਝ ਵਧੇਗਾ, ਜਦਕਿ ਬੀਜ ਐਕਟ ਰਾਹੀਂ ਕਿਸਾਨਾਂ ਤੋਂ ਆਪਣੇ ਬੀਜ ਸੰਭਾਲ ਕੇ ਰੱਖਣ ਦਾ ਅਧਿਕਾਰ ਖੋਹਿਆ ਜਾ ਰਿਹਾ ਹੈ।

ਬਲਾਕ ਸਕੱਤਰ ਰਛਪਾਲ ਸਿੰਘ ਅਤੇ ਜਸਵਿੰਦਰ ਸਿੰਘ ਨੇ ਚੇਤਾਵਨੀ ਦਿੱਤੀ ਕਿ ਮਨਰੇਗਾ ਖ਼ਤਮ ਕਰਨ, ਪੁਰਾਣੇ ਸ਼੍ਰਮ

ਕਾਨੂੰਨ ਰੱਦ ਕਰਨ ਅਤੇ ਲੇਬਰ ਕੋਡ ਲਾਗੂ ਕਰਨ ਨਾਲ ਪਿੰਡਾਂ ਦੇ ਦਲਿਤਾਂ ਅਤੇ ਮਜ਼ਦੂਰਾਂ ਦੀ ਰੋਜ਼ੀ-ਰੋਟੀ 'ਤੇ ਸਿੱਧਾ ਹਮਲਾ ਹੋਵੇਗਾ। ਉਨ੍ਹਾਂ ਐਲਾਨ ਕੀਤਾ ਕਿ ਉਨ੍ਹਾਂ ਦਾ ਸੰਗਠਨ 12 ਫਰਵਰੀ ਨੂੰ ਹੋਣ ਵਾਲੀ ਦੇਸ਼ਵਿਆਪੀ ਮਜ਼ਦੂਰ ਹੜਤਾਲ ਵਿੱਚ ਪੂਰੀ ਤਾਕਤ ਨਾਲ ਸ਼ਾਮਲ ਹੋਵੇਗਾ।

ਸ਼ਹਿਰ ਤੋਂ ਪਿੰਡਾਂ ਤੱਕ ਤਾਕਤ ਪ੍ਰਦਰਸ਼ਨ

ਰੈਲੀ ਤੋਂ ਬਾਅਦ ਟਰੈਕਟਰਾਂ ਅਤੇ ਝੰਡਿਆਂ ਨਾਲ ਸਜੀਆਂ ਮੋਟਰਸਾਈਕਲਾਂ ਦਾ ਕਾਫ਼ਲਾ ਅਨਾਜ ਮੰਡੀ ਤੋਂ ਰਵਾਨਾ ਹੋ ਕੇ

ਲਾਜਪਤ ਰਾਇ ਰੋਡ, ਕਮਲ ਚੌਕ, ਝਾਂਸੀ ਚੌਕ, ਤਹਿਸੀਲਦਾਰ ਰੋਡ, ਬੱਸ ਸਟੈਂਡ, ਮਲਕ ਰੋਡ, ਰਾਇਕੋਟ ਰੋਡ ਤੋਂ ਹੁੰਦਾ ਹੋਇਆ ਕਰੀਬ ਇੱਕ ਦਰਜਨ ਪਿੰਡਾਂ ਤੱਕ ਪਹੁੰਚਿਆ। ਇਸ ਪ੍ਰਦਰਸ਼ਨ ਵਿੱਚ ਇੰਦਰਜੀਤ ਸਿੰਘ, ਮਨਜਿੰਦਰ ਸਿੰਘ, ਪ੍ਰਿਤਪਾਲ ਸਿੰਘ, ਰਣਜੀਤ ਸਿੰਘ, ਜਗਵਿੰਦਰ ਸਿੰਘ ਸਮੇਤ ਗ੍ਰਾਮੀਣ ਮਜ਼ਦੂਰ ਯੂਨੀਅਨ (ਮਸਾਲ) ਦੇ ਨੇਤਾ ਮਦਨ ਸਿੰਘ ਅਤੇ ਵੱਡੀ ਗਿਣਤੀ ਵਿੱਚ ਕਿਸਾਨ ਤੇ ਮਜ਼ਦੂਰ ਸ਼ਾਮਲ ਰਹੇ।

ਕਿਸਾਨਾਂ ਦੀਆਂ ਮੁੱਖ ਮੰਗਾਂ

ਚਿਪ ਵਾਲੇ ਸਮਾਰਟ ਮੀਟਰ ਲਗਾਉਣ ਦਾ ਫ਼ੈਸਲਾ ਤੁਰੰਤ ਰੱਦ ਕੀਤਾ ਜਾਵੇ।

ਮੀਟਰ ਉਤਾਰ ਕੇ ਦਫ਼ਤਰ ਵਿੱਚ ਜਮ੍ਹਾਂ ਕਰਵਾਉਣ ਵਾਲੇ ਉਪਭੋਗਤਾਵਾਂ ਨੂੰ ਪੁਰਾਣੇ ਮੀਟਰ ਮੁੜ ਲਗਾਏ ਜਾਣ।

ਕਿਸਾਨਾਂ ਨੂੰ ਭੇਜੇ ਗਏ ਕਾਨੂੰਨੀ ਨੋਟਿਸ ਤੁਰੰਤ ਵਾਪਸ ਲਏ ਜਾਣ।

ਮਨਰੇਗਾ ਯੋਜਨਾ ਨੂੰ ਖ਼ਤਮ ਕਰਨ ਦੀ ਸਾਜ਼ਿਸ਼ ਤੁਰੰਤ ਬੰਦ ਕੀਤੀ ਜਾਵੇ।

ਬਿਜਲੀ ਐਕਟ ਅਤੇ ਬੀਜ ਐਕਟ ਵਰਗੇ ਕਿਸਾਨ-ਵਿਰੋਧੀ ਕਾਨੂੰਨ ਵਾਪਸ ਲਏ ਜਾਣ।
